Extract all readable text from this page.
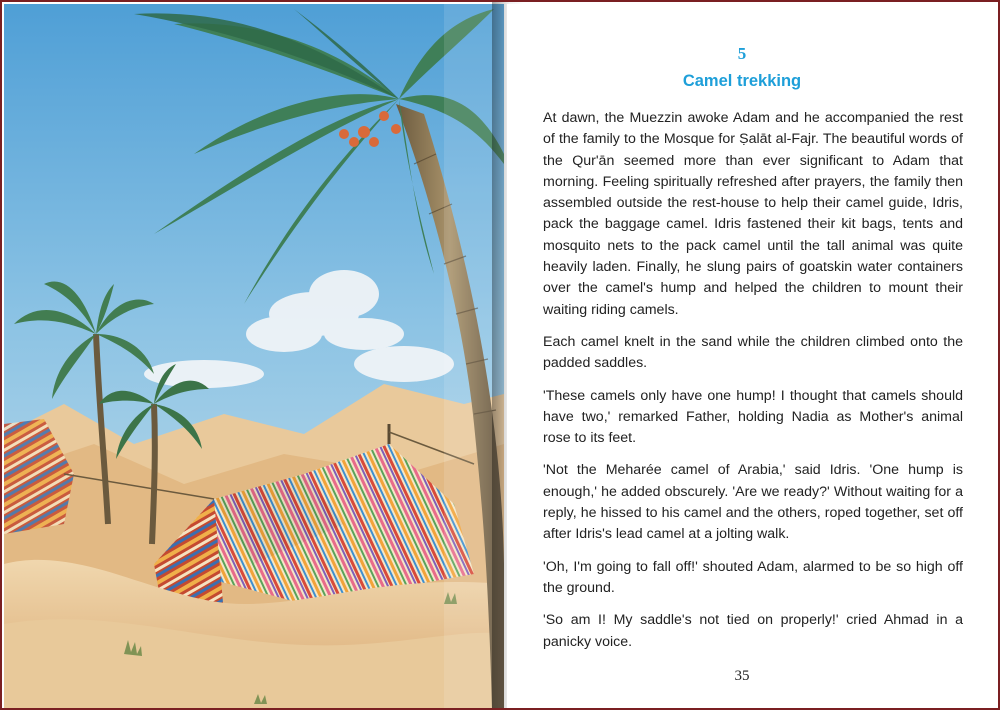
5
Camel trekking

At dawn, the Muezzin awoke Adam and he accompanied the rest of the family to the Mosque for Ṣalāt al-Fajr. The beautiful words of the Qur'ān seemed more than ever significant to Adam that morning. Feeling spiritually refreshed after prayers, the family then assembled outside the rest-house to help their camel guide, Idris, pack the baggage camel. Idris fastened their kit bags, tents and mosquito nets to the pack camel until the tall animal was quite heavily laden. Finally, he slung pairs of goatskin water containers over the camel's hump and helped the children to mount their waiting riding camels.

Each camel knelt in the sand while the children climbed onto the padded saddles.

'These camels only have one hump! I thought that camels should have two,' remarked Father, holding Nadia as Mother's animal rose to its feet.

'Not the Meharée camel of Arabia,' said Idris. 'One hump is enough,' he added obscurely. 'Are we ready?' Without waiting for a reply, he hissed to his camel and the others, roped together, set off after Idris's lead camel at a jolting walk.

'Oh, I'm going to fall off!' shouted Adam, alarmed to be so high off the ground.

'So am I! My saddle's not tied on properly!' cried Ahmad in a panicky voice.

35
